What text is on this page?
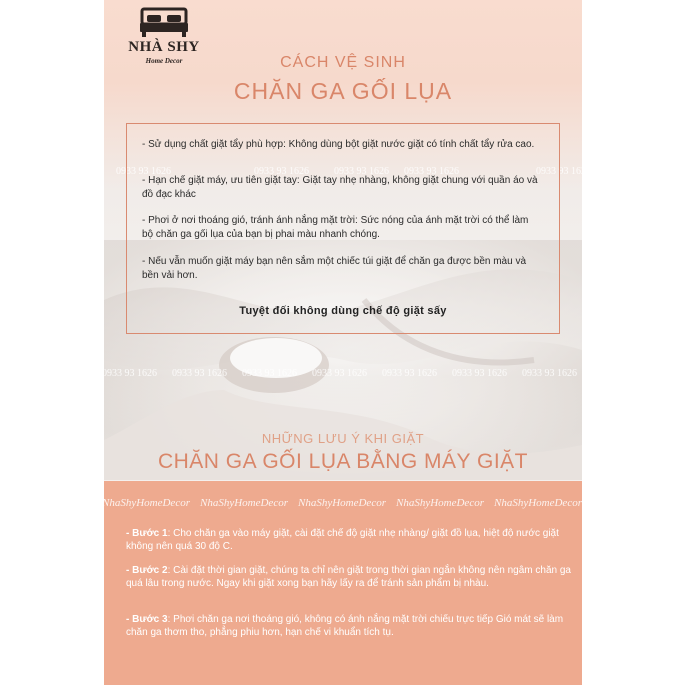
NHÀ SHY
Home Decor	CÁCH VỆ SINH
CHĂN GA GỐI LỤA
0933 93 1626	0933 93 1626	0933 93 1626 0933 93 1626	0933 93 1626
- Sử dụng chất giặt tẩy phù hợp: Không dùng bột giặt nước giặt có tính chất tẩy rửa cao.
- Hạn chế giặt máy, ưu tiên giặt tay: Giặt tay nhẹ nhàng, không giặt chung với quần áo và đồ đạc khác
- Phơi ở nơi thoáng gió, tránh ánh nắng mặt trời: Sức nóng của ánh mặt trời có thể làm bộ chăn ga gối lụa của bạn bị phai màu nhanh chóng.
- Nếu vẫn muốn giặt máy bạn nên sắm một chiếc túi giặt để chăn ga được bền màu và bền vải hơn.
Tuyệt đối không dùng chế độ giặt sấy
0933 93 1626 0933 93 1626 0933 93 1626 0933 93 1626 0933 93 1626 0933 93 1626 0933 93 1626
NHỮNG LƯU Ý KHI GIẶT
CHĂN GA GỐI LỤA BẰNG MÁY GIẶT
NhaShyHomeDecor NhaShyHomeDecor NhaShyHomeDecor NhaShyHomeDecor NhaShyHomeDecor
- Bước 1: Cho chăn ga vào máy giặt, cài đặt chế độ giặt nhẹ nhàng/ giặt đồ lụa, hiệt độ nước giặt không nên quá 30 độ C.
- Bước 2: Cài đặt thời gian giặt, chúng ta chỉ nên giặt trong thời gian ngắn không nên ngâm chăn ga quá lâu trong nước. Ngay khi giặt xong bạn hãy lấy ra để tránh sản phẩm bị nhàu.
- Bước 3: Phơi chăn ga nơi thoáng gió, không có ánh nắng mặt trời chiếu trực tiếp Gió mát sẽ làm chăn ga thơm tho, phẳng phiu hơn, hạn chế vi khuẩn tích tụ.
